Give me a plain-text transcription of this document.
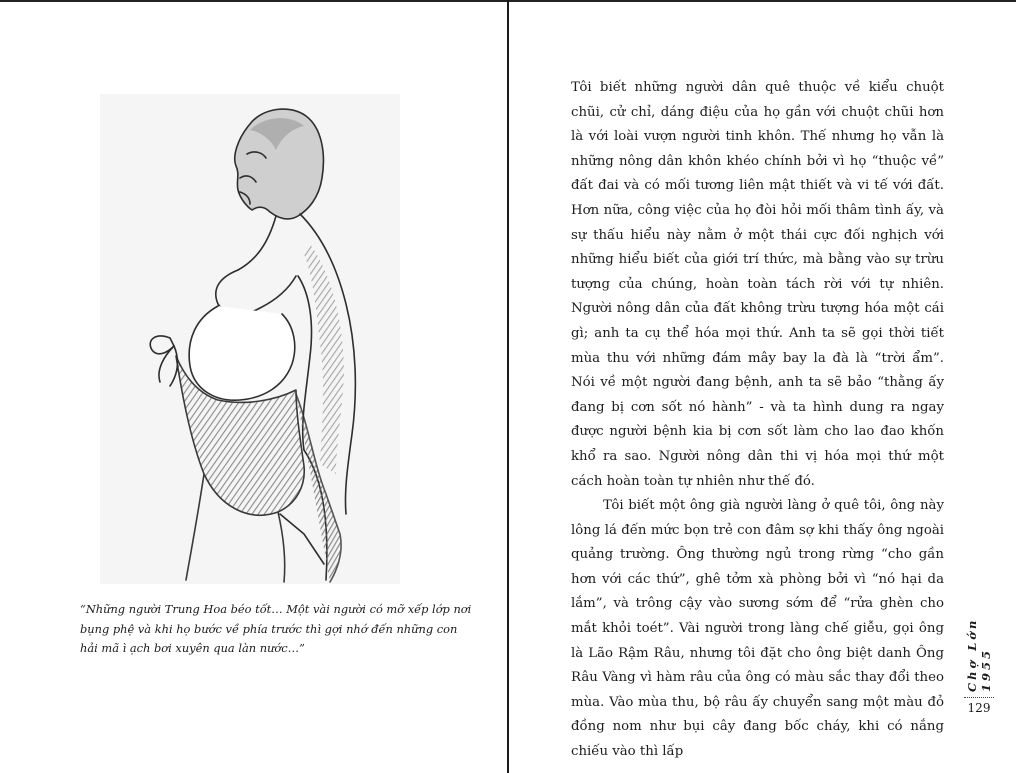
“Những người Trung Hoa béo tốt… Một vài người có mỡ xếp lớp nơi bụng phệ và khi họ bước về phía trước thì gợi nhớ đến những con hải mã ì ạch bơi xuyên qua làn nước…”

Tôi biết những người dân quê thuộc về kiểu chuột chũi, cử chỉ, dáng điệu của họ gần với chuột chũi hơn là với loài vượn người tinh khôn. Thế nhưng họ vẫn là những nông dân khôn khéo chính bởi vì họ “thuộc về” đất đai và có mối tương liên mật thiết và vi tế với đất. Hơn nữa, công việc của họ đòi hỏi mối thâm tình ấy, và sự thấu hiểu này nằm ở một thái cực đối nghịch với những hiểu biết của giới trí thức, mà bằng vào sự trừu tượng của chúng, hoàn toàn tách rời với tự nhiên. Người nông dân của đất không trừu tượng hóa một cái gì; anh ta cụ thể hóa mọi thứ. Anh ta sẽ gọi thời tiết mùa thu với những đám mây bay la đà là “trời ẩm”. Nói về một người đang bệnh, anh ta sẽ bảo “thằng ấy đang bị cơn sốt nó hành” - và ta hình dung ra ngay được người bệnh kia bị cơn sốt làm cho lao đao khốn khổ ra sao. Người nông dân thi vị hóa mọi thứ một cách hoàn toàn tự nhiên như thế đó.

Tôi biết một ông già người làng ở quê tôi, ông này lông lá đến mức bọn trẻ con đâm sợ khi thấy ông ngoài quảng trường. Ông thường ngủ trong rừng “cho gần hơn với các thứ”, ghê tởm xà phòng bởi vì “nó hại da lắm”, và trông cậy vào sương sớm để “rửa ghèn cho mắt khỏi toét”. Vài người trong làng chế giễu, gọi ông là Lão Rậm Râu, nhưng tôi đặt cho ông biệt danh Ông Râu Vàng vì hàm râu của ông có màu sắc thay đổi theo mùa. Vào mùa thu, bộ râu ấy chuyển sang một màu đỏ đồng nom như bụi cây đang bốc cháy, khi có nắng chiếu vào thì lấp

Chợ Lớn 1955
129
